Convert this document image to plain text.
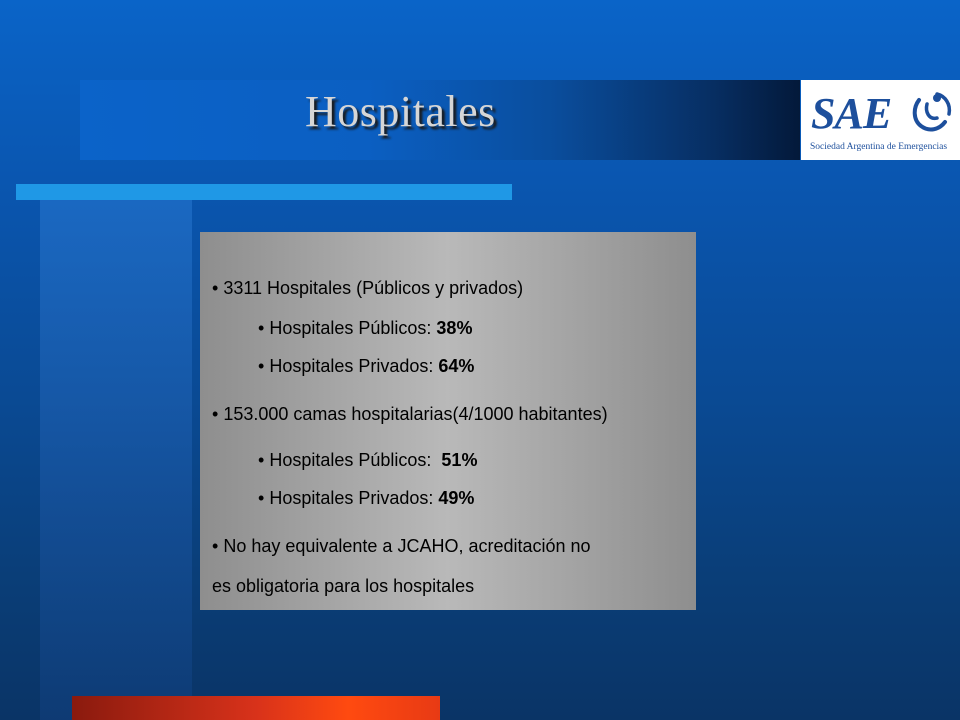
Hospitales	SAE
Sociedad Argentina de Emergencias
• 3311 Hospitales (Públicos y privados)
• Hospitales Públicos: 38%
• Hospitales Privados: 64%
• 153.000 camas hospitalarias(4/1000 habitantes)
• Hospitales Públicos:  51%
• Hospitales Privados: 49%
• No hay equivalente a JCAHO, acreditación no
es obligatoria para los hospitales
